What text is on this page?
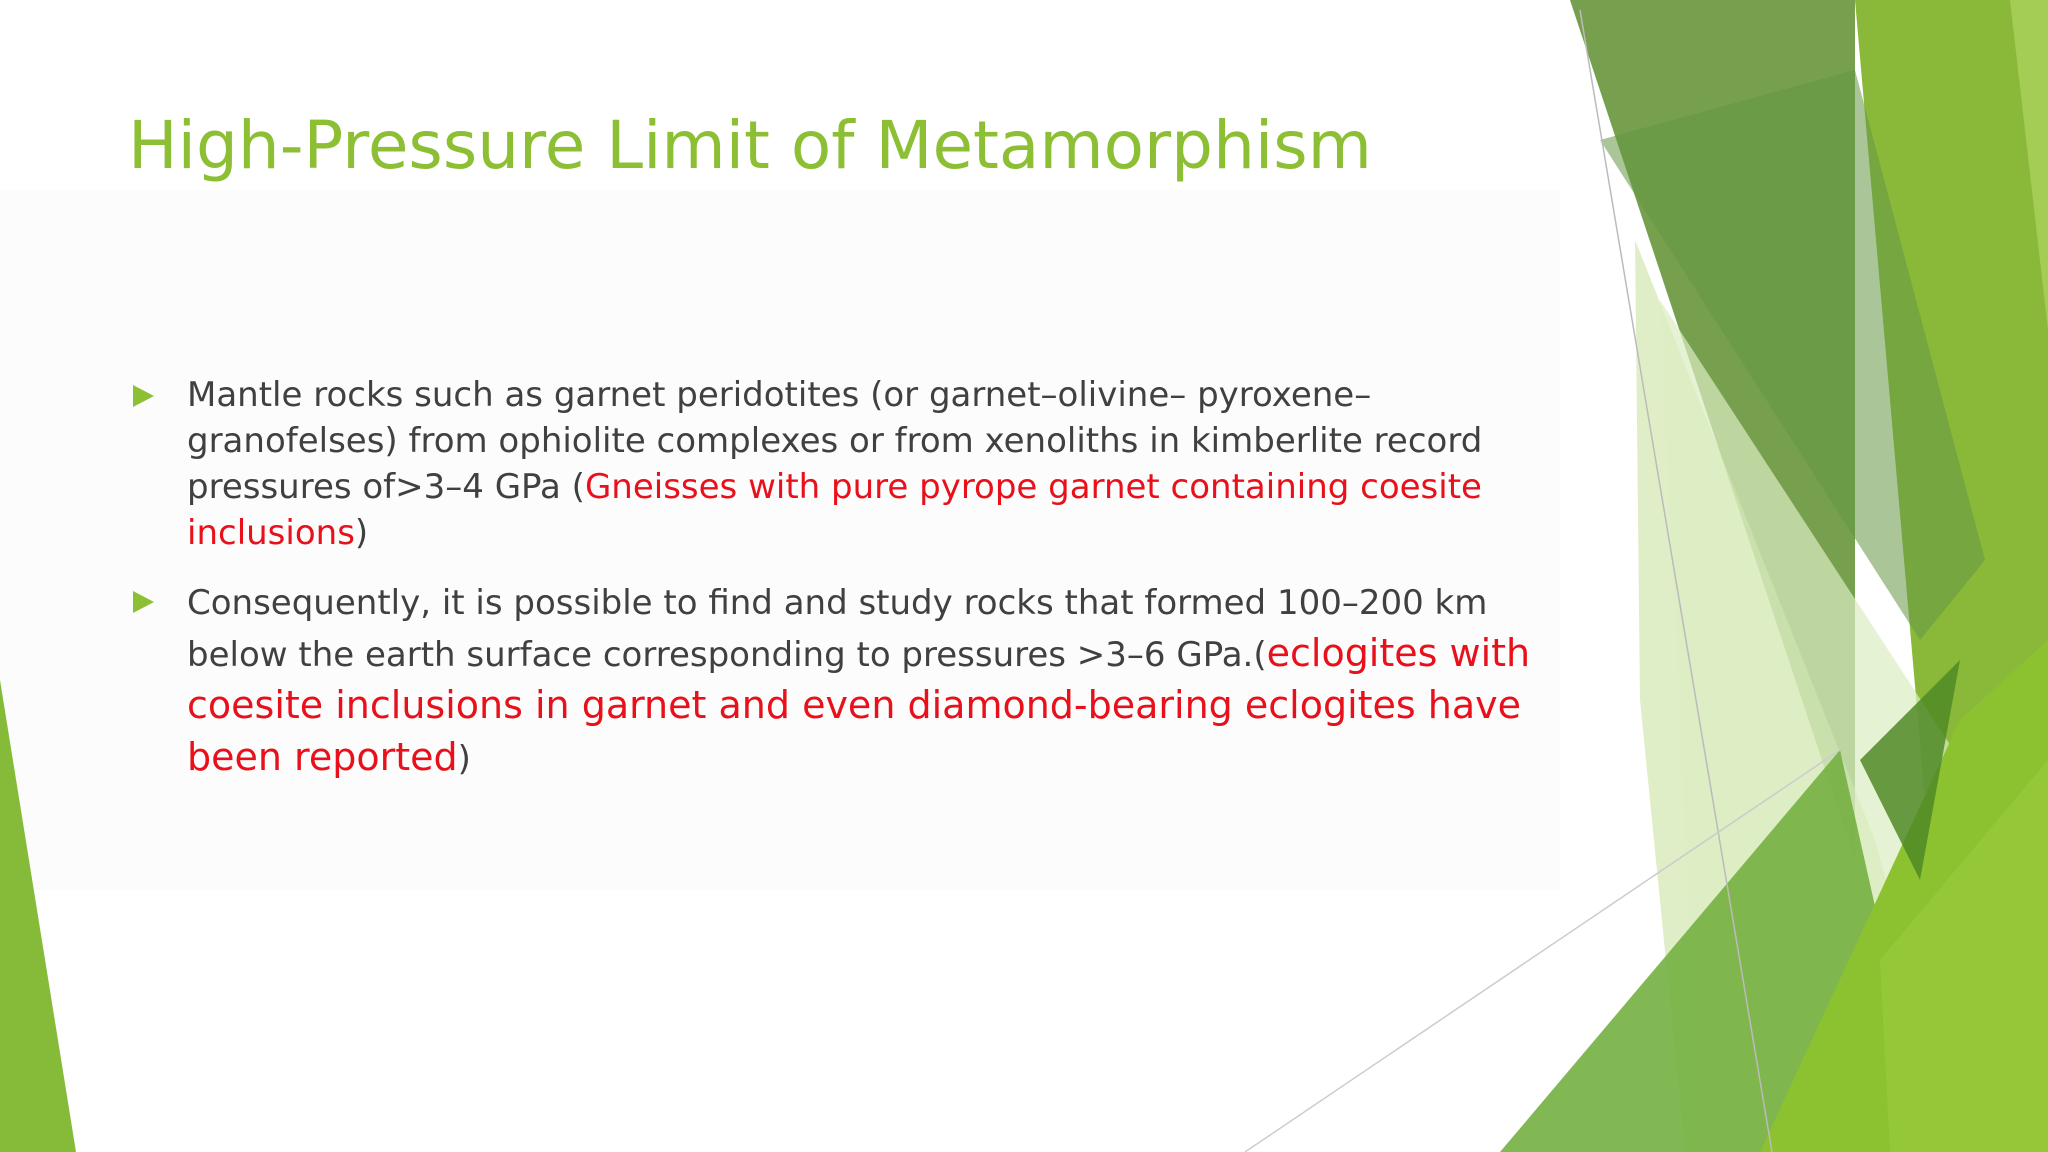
High-Pressure Limit of Metamorphism
Mantle rocks such as garnet peridotites (or garnet–olivine– pyroxene–granofelses) from ophiolite complexes or from xenoliths in kimberlite record pressures of>3–4 GPa (Gneisses with pure pyrope garnet containing coesite inclusions)
Consequently, it is possible to find and study rocks that formed 100–200 km below the earth surface corresponding to pressures >3–6 GPa.(eclogites with coesite inclusions in garnet and even diamond-bearing eclogites have been reported)
